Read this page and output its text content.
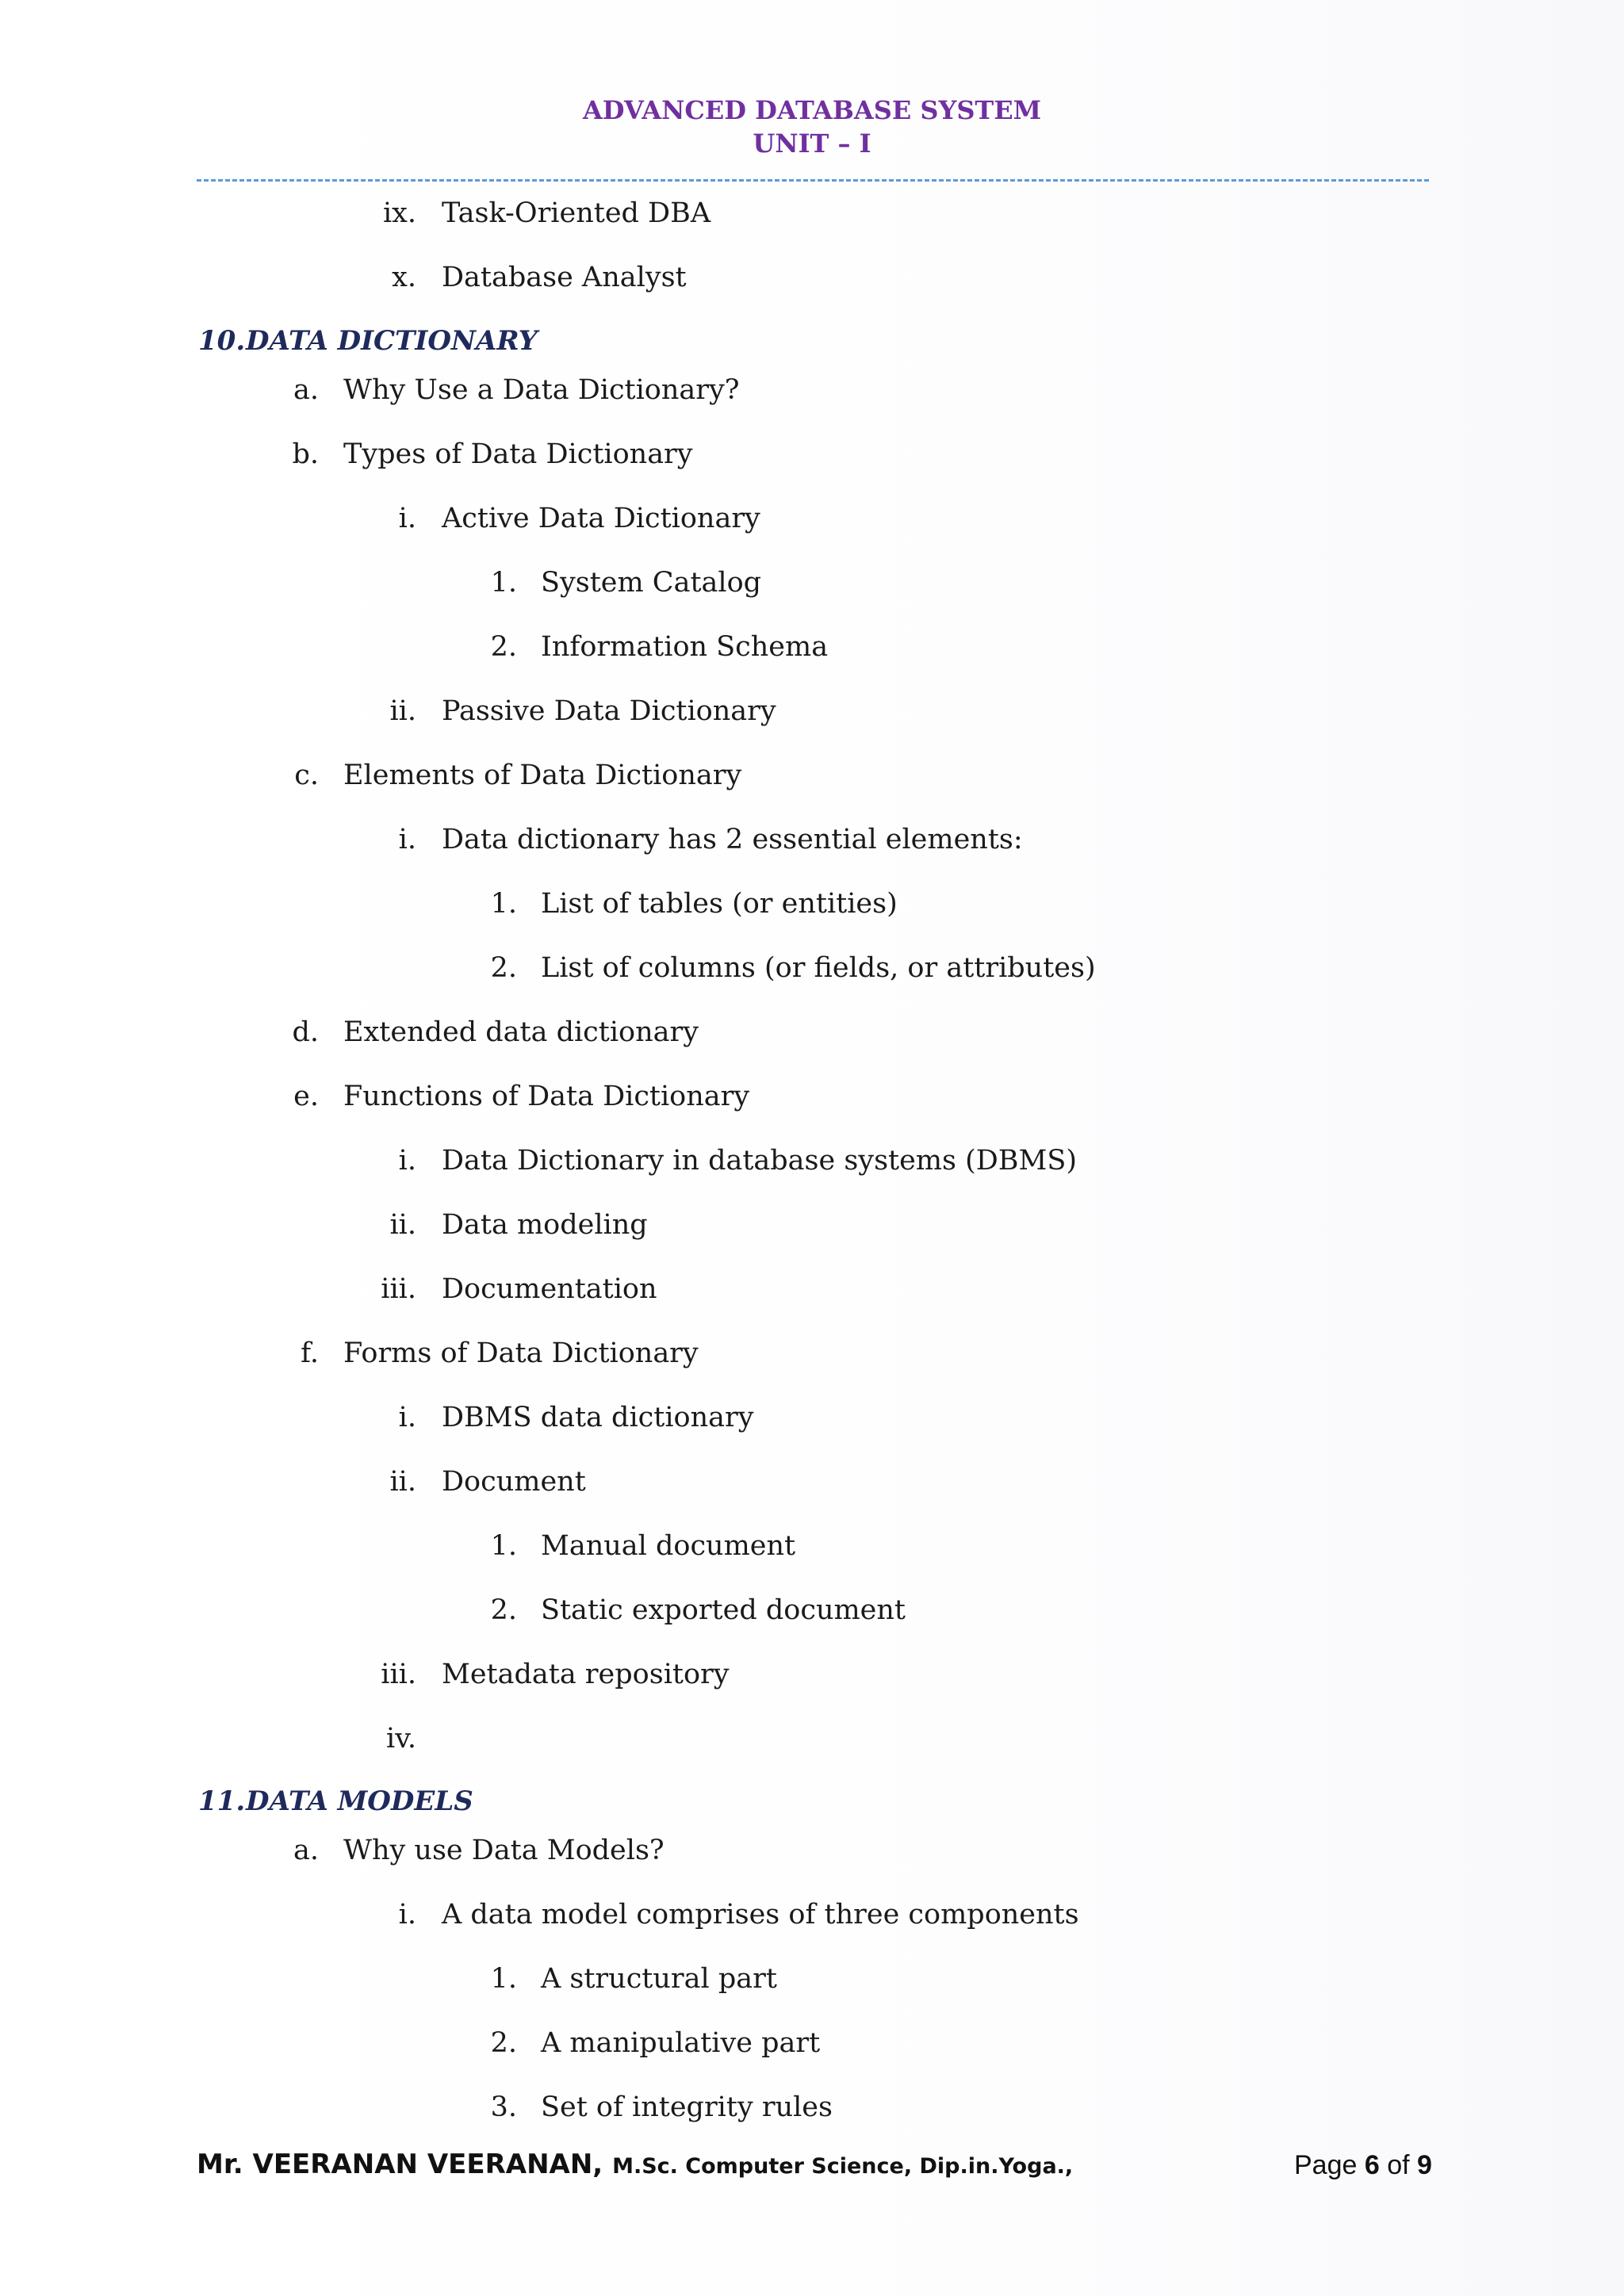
ADVANCED DATABASE SYSTEM
UNIT – I
ix. Task-Oriented DBA
x. Database Analyst
10.DATA DICTIONARY
a. Why Use a Data Dictionary?
b. Types of Data Dictionary
i. Active Data Dictionary
1. System Catalog
2. Information Schema
ii. Passive Data Dictionary
c. Elements of Data Dictionary
i. Data dictionary has 2 essential elements:
1. List of tables (or entities)
2. List of columns (or fields, or attributes)
d. Extended data dictionary
e. Functions of Data Dictionary
i. Data Dictionary in database systems (DBMS)
ii. Data modeling
iii. Documentation
f. Forms of Data Dictionary
i. DBMS data dictionary
ii. Document
1. Manual document
2. Static exported document
iii. Metadata repository
iv.
11.DATA MODELS
a. Why use Data Models?
i. A data model comprises of three components
1. A structural part
2. A manipulative part
3. Set of integrity rules
Mr. VEERANAN VEERANAN, M.Sc. Computer Science, Dip.in.Yoga.,	Page 6 of 9
